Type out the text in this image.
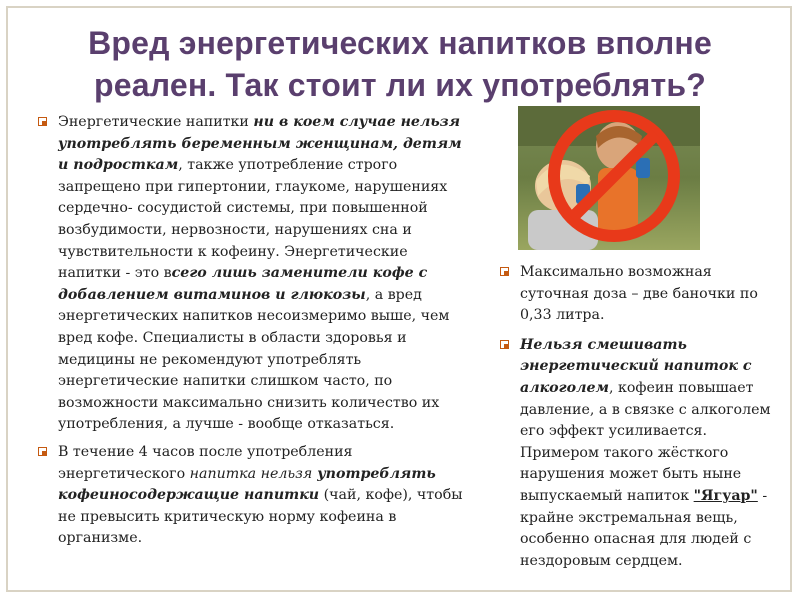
Вред энергетических напитков вполне
реален. Так стоит ли их употреблять?
Энергетические напитки ни в коем случае нельзя употреблять беременным женщинам, детям и подросткам, также употребление строго запрещено при гипертонии, глаукоме, нарушениях сердечно- сосудистой системы, при повышенной возбудимости, нервозности, нарушениях сна и чувствительности к кофеину. Энергетические напитки - это всего лишь заменители кофе с добавлением витаминов и глюкозы, а вред энергетических напитков несоизмеримо выше, чем вред кофе. Специалисты в области здоровья и медицины не рекомендуют употреблять энергетические напитки слишком часто, по возможности максимально снизить количество их употребления, а лучше - вообще отказаться.
В течение 4 часов после употребления энергетического напитка нельзя употреблять кофеиносодержащие напитки (чай, кофе), чтобы не превысить критическую норму кофеина в организме.
Максимально возможная суточная доза – две баночки по 0,33 литра.
Нельзя смешивать энергетический напиток с алкоголем, кофеин повышает давление, а в связке с алкоголем его эффект усиливается. Примером такого жёсткого нарушения может быть ныне выпускаемый напиток "Ягуар" - крайне экстремальная вещь, особенно опасная для людей с нездоровым сердцем.
